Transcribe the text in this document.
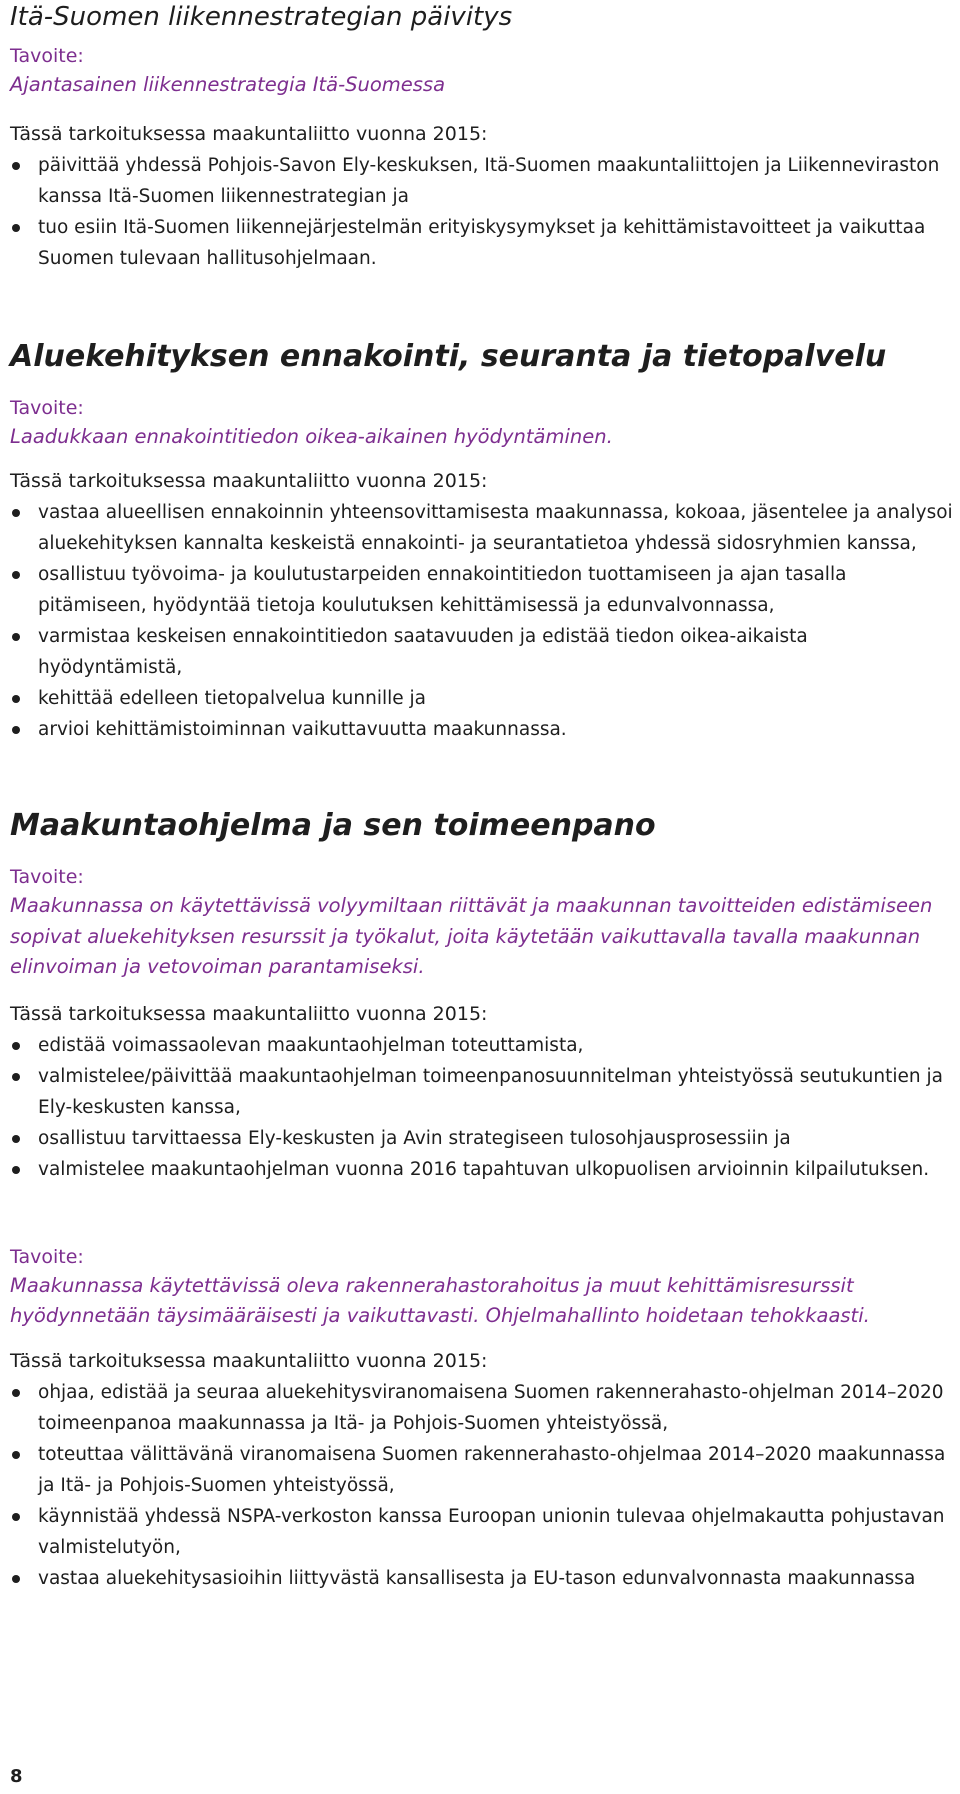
Itä-Suomen liikennestrategian päivitys

Tavoite:

Ajantasainen liikennestrategia Itä-Suomessa

Tässä tarkoituksessa maakuntaliitto vuonna 2015:

päivittää yhdessä Pohjois-Savon Ely-keskuksen, Itä-Suomen maakuntaliittojen ja Liikenneviraston kanssa Itä-Suomen liikennestrategian ja
tuo esiin Itä-Suomen liikennejärjestelmän erityiskysymykset ja kehittämistavoitteet ja vaikuttaa Suomen tulevaan hallitusohjelmaan.
Aluekehityksen ennakointi, seuranta ja tietopalvelu

Tavoite:

Laadukkaan ennakointitiedon oikea-aikainen hyödyntäminen.

Tässä tarkoituksessa maakuntaliitto vuonna 2015:

vastaa alueellisen ennakoinnin yhteensovittamisesta maakunnassa, kokoaa, jäsentelee ja analysoi aluekehityksen kannalta keskeistä ennakointi- ja seurantatietoa yhdessä sidosryhmien kanssa,
osallistuu työvoima- ja koulutustarpeiden ennakointitiedon tuottamiseen ja ajan tasalla pitämiseen, hyödyntää tietoja koulutuksen kehittämisessä ja edunvalvonnassa,
varmistaa keskeisen ennakointitiedon saatavuuden ja edistää tiedon oikea-aikaista hyödyntämistä,
kehittää edelleen tietopalvelua kunnille ja
arvioi kehittämistoiminnan vaikuttavuutta maakunnassa.
Maakuntaohjelma ja sen toimeenpano

Tavoite:

Maakunnassa on käytettävissä volyymiltaan riittävät ja maakunnan tavoitteiden edistämiseen sopivat aluekehityksen resurssit ja työkalut, joita käytetään vaikuttavalla tavalla maakunnan elinvoiman ja vetovoiman parantamiseksi.

Tässä tarkoituksessa maakuntaliitto vuonna 2015:

edistää voimassaolevan maakuntaohjelman toteuttamista,
valmistelee/päivittää maakuntaohjelman toimeenpanosuunnitelman yhteistyössä seutukuntien ja Ely-keskusten kanssa,
osallistuu tarvittaessa Ely-keskusten ja Avin strategiseen tulosohjausprosessiin ja
valmistelee maakuntaohjelman vuonna 2016 tapahtuvan ulkopuolisen arvioinnin kilpailutuksen.

Tavoite:

Maakunnassa käytettävissä oleva rakennerahastorahoitus ja muut kehittämisresurssit hyödynnetään täysimääräisesti ja vaikuttavasti. Ohjelmahallinto hoidetaan tehokkaasti.

Tässä tarkoituksessa maakuntaliitto vuonna 2015:

ohjaa, edistää ja seuraa aluekehitysviranomaisena Suomen rakennerahasto-ohjelman 2014–2020 toimeenpanoa maakunnassa ja Itä- ja Pohjois-Suomen yhteistyössä,
toteuttaa välittävänä viranomaisena Suomen rakennerahasto-ohjelmaa 2014–2020 maakunnassa ja Itä- ja Pohjois-Suomen yhteistyössä,
käynnistää yhdessä NSPA-verkoston kanssa Euroopan unionin tulevaa ohjelmakautta pohjustavan valmistelutyön,
vastaa aluekehitysasioihin liittyvästä kansallisesta ja EU-tason edunvalvonnasta maakunnassa
8
